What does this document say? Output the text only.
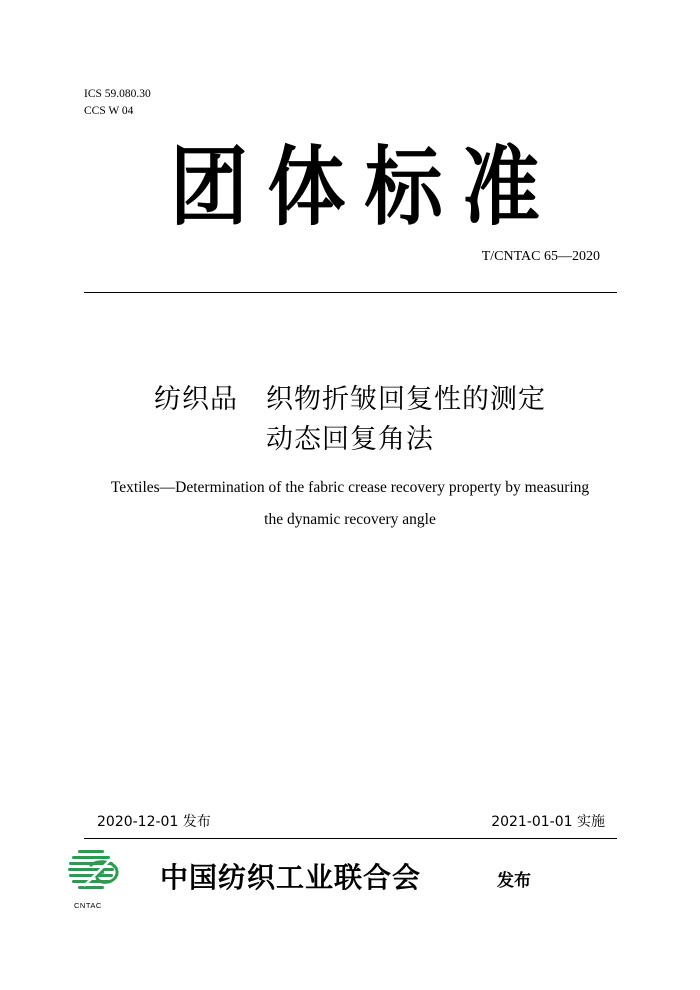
ICS 59.080.30
CCS W 04
团 体 标 准
T/CNTAC 65—2020
纺织品　织物折皱回复性的测定
动态回复角法
Textiles—Determination of the fabric crease recovery property by measuring
the dynamic recovery angle
2020-12-01 发布	2021-01-01 实施
CNTAC
中国纺织工业联合会	发布
